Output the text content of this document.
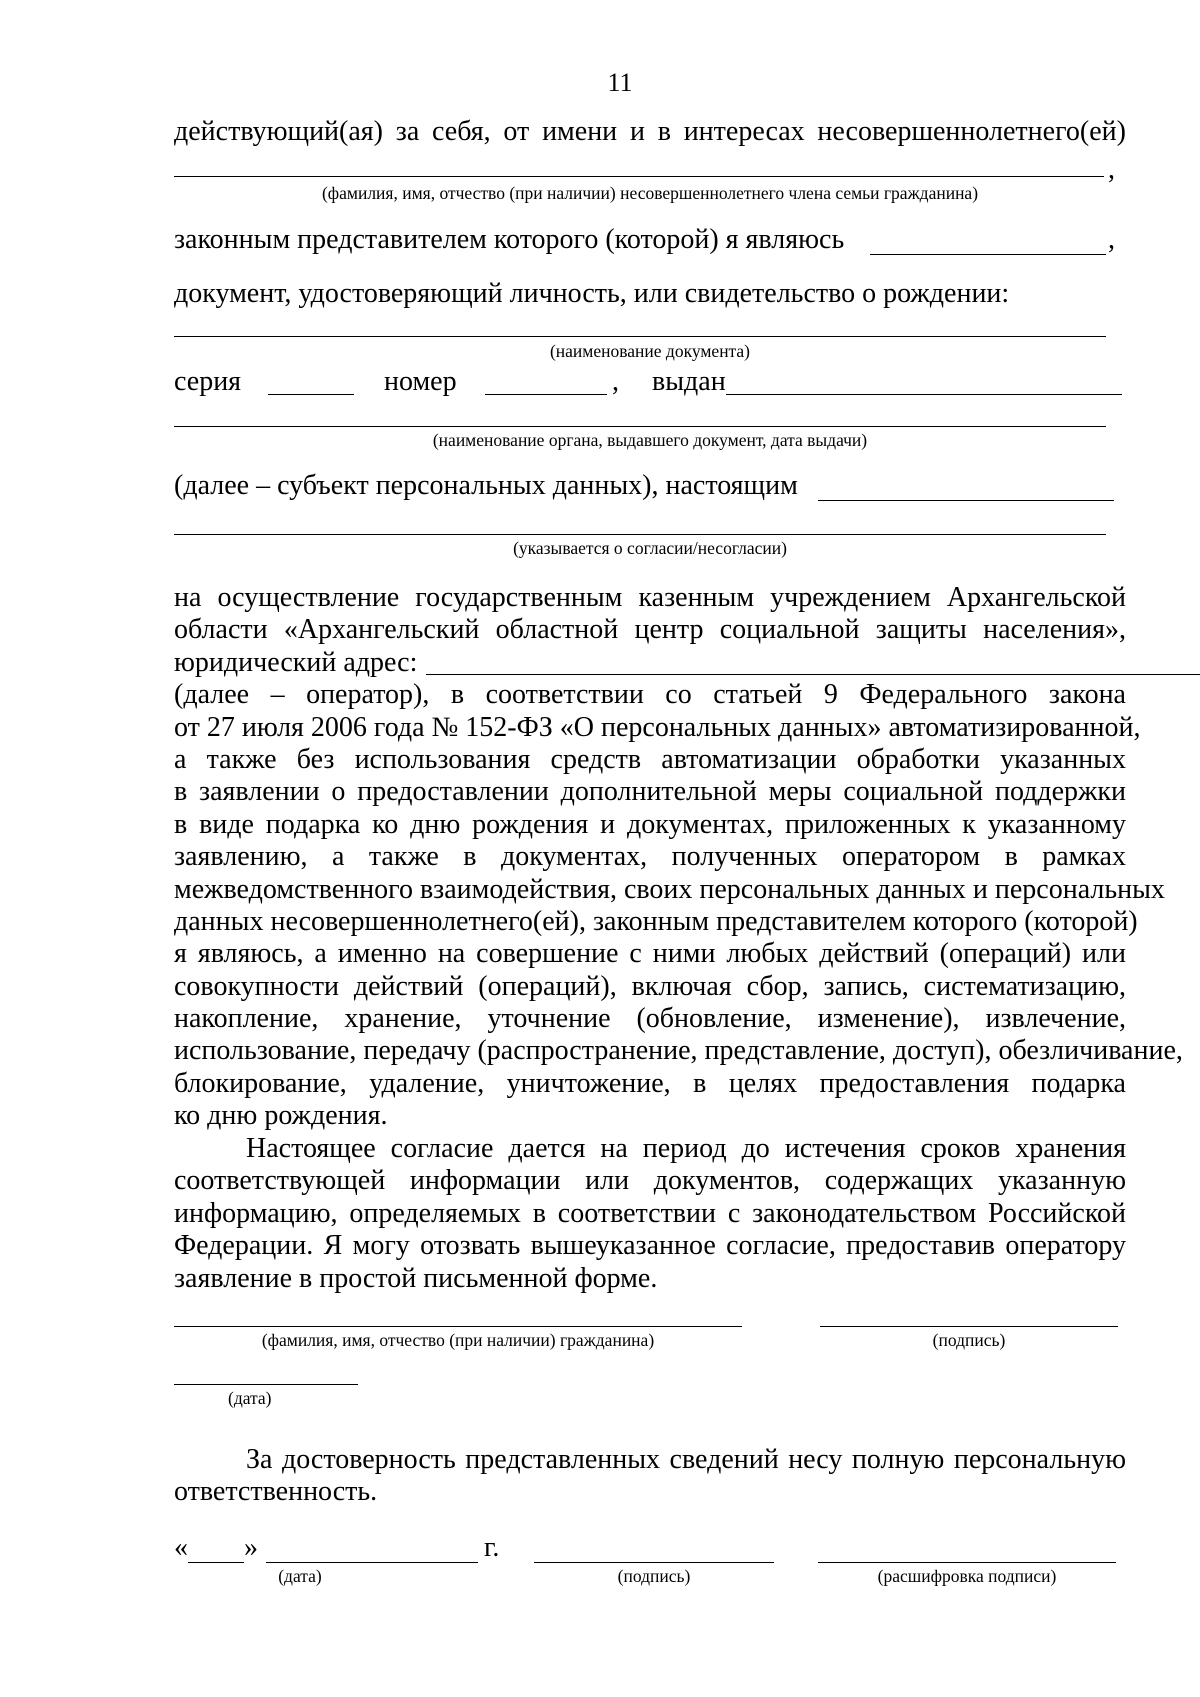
11
действующий(ая) за себя, от имени и в интересах несовершеннолетнего(ей)
,
(фамилия, имя, отчество (при наличии) несовершеннолетнего члена семьи гражданина)
законным представителем которого (которой) я являюсь	,
документ, удостоверяющий личность, или свидетельство о рождении:
(наименование документа)
серия	номер	, выдан
(наименование органа, выдавшего документ, дата выдачи)
(далее – субъект персональных данных), настоящим
(указывается о согласии/несогласии)
на осуществление государственным казенным учреждением Архангельской
области «Архангельский областной центр социальной защиты населения»,
юридический адрес:
(далее – оператор), в соответствии со статьей 9 Федерального закона
от 27 июля 2006 года № 152-ФЗ «О персональных данных» автоматизированной,
а также без использования средств автоматизации обработки указанных
в заявлении о предоставлении дополнительной меры социальной поддержки
в виде подарка ко дню рождения и документах, приложенных к указанному
заявлению, а также в документах, полученных оператором в рамках
межведомственного взаимодействия, своих персональных данных и персональных
данных несовершеннолетнего(ей), законным представителем которого (которой)
я являюсь, а именно на совершение с ними любых действий (операций) или
совокупности действий (операций), включая сбор, запись, систематизацию,
накопление, хранение, уточнение (обновление, изменение), извлечение,
использование, передачу (распространение, представление, доступ), обезличивание,
блокирование, удаление, уничтожение, в целях предоставления подарка
ко дню рождения.
Настоящее согласие дается на период до истечения сроков хранения
соответствующей информации или документов, содержащих указанную
информацию, определяемых в соответствии с законодательством Российской
Федерации. Я могу отозвать вышеуказанное согласие, предоставив оператору
заявление в простой письменной форме.
(фамилия, имя, отчество (при наличии) гражданина)	(подпись)
(дата)
За достоверность представленных сведений несу полную персональную
ответственность.
« »	г.
(дата)	(подпись)	(расшифровка подписи)
